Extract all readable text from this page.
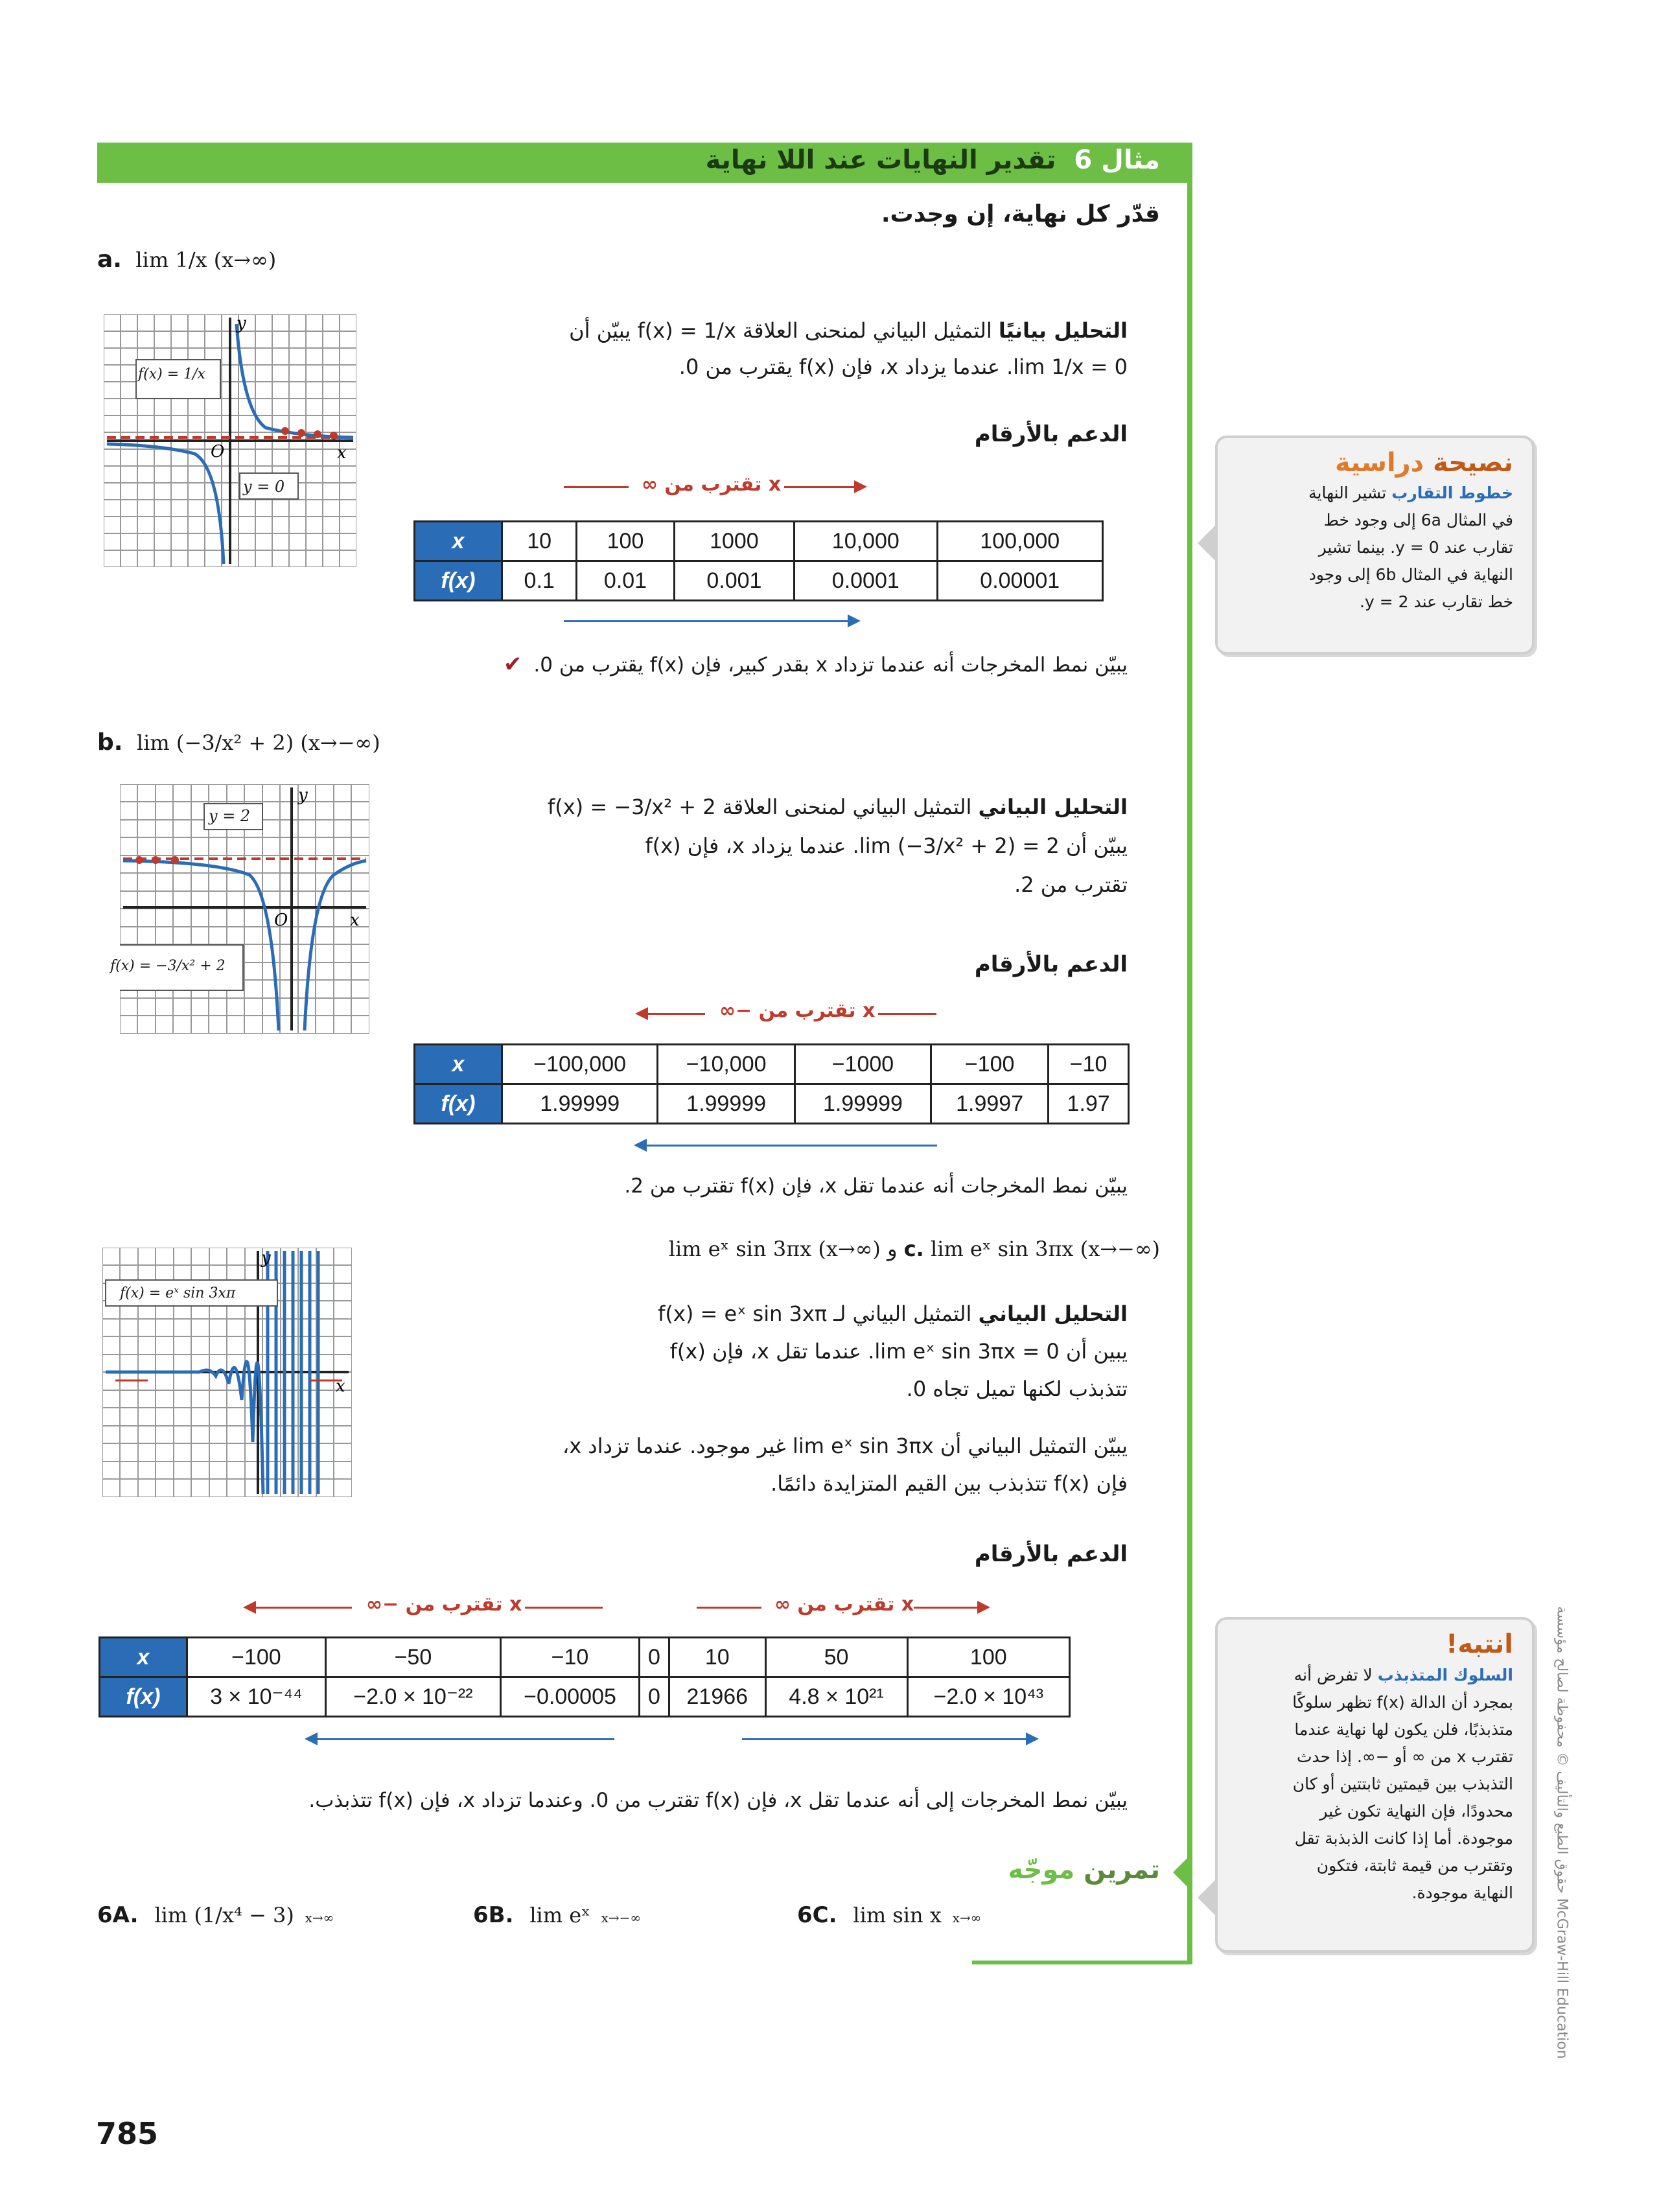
مثال 6 تقدير النهايات عند اللا نهاية
قدّر كل نهاية، إن وجدت.
a. lim 1/x (x→∞)
O	x
y
f(x) = 1/x
y = 0
التحليل بيانيًا التمثيل البياني لمنحنى العلاقة f(x) = 1/x يبيّن أن
lim 1/x = 0. عندما يزداد x، فإن f(x) يقترب من 0.
الدعم بالأرقام
x تقترب من ∞
x	10	100	1000	10,000	100,000
f(x)	0.1	0.01	0.001	0.0001	0.00001
يبيّن نمط المخرجات أنه عندما تزداد x بقدر كبير، فإن f(x) يقترب من 0. ✔
b. lim (−3/x² + 2) (x→−∞)
O	x
y
y = 2
f(x) = −3/x² + 2
التحليل البياني التمثيل البياني لمنحنى العلاقة f(x) = −3/x² + 2
يبيّن أن lim (−3/x² + 2) = 2. عندما يزداد x، فإن f(x)
تقترب من 2.
الدعم بالأرقام
x تقترب من −∞
x	−100,000	−10,000	−1000	−100	−10
f(x)	1.99999	1.99999	1.99999	1.9997	1.97
يبيّن نمط المخرجات أنه عندما تقل x، فإن f(x) تقترب من 2.
c. lim eˣ sin 3πx (x→−∞) و lim eˣ sin 3πx (x→∞)
x
y
f(x) = eˣ sin 3xπ
التحليل البياني التمثيل البياني لـ f(x) = eˣ sin 3xπ
يبين أن lim eˣ sin 3πx = 0. عندما تقل x، فإن f(x)
تتذبذب لكنها تميل تجاه 0.
يبيّن التمثيل البياني أن lim eˣ sin 3πx غير موجود. عندما تزداد x،
فإن f(x) تتذبذب بين القيم المتزايدة دائمًا.
الدعم بالأرقام
x تقترب من −∞	x تقترب من ∞
x	−100	−50	−10	0	10	50	100
f(x)	3 × 10⁻⁴⁴	−2.0 × 10⁻²²	−0.00005	0	21966	4.8 × 10²¹	−2.0 × 10⁴³
يبيّن نمط المخرجات إلى أنه عندما تقل x، فإن f(x) تقترب من 0. وعندما تزداد x، فإن f(x) تتذبذب.
تمرين موجّه
6A. lim (1/x⁴ − 3) x→∞	6B. lim eˣ x→−∞	6C. lim sin x x→∞
نصيحة دراسية
خطوط التقارب تشير النهاية
في المثال 6a إلى وجود خط
تقارب عند y = 0. بينما تشير
النهاية في المثال 6b إلى وجود
خط تقارب عند y = 2.
انتبه!
السلوك المتذبذب لا تفرض أنه
بمجرد أن الدالة f(x) تظهر سلوكًا
متذبذبًا، فلن يكون لها نهاية عندما
تقترب x من ∞ أو −∞. إذا حدث
التذبذب بين قيمتين ثابتتين أو كان
محدودًا، فإن النهاية تكون غير
موجودة. أما إذا كانت الذبذبة تقل
وتقترب من قيمة ثابتة، فتكون
النهاية موجودة.	حقوق الطبع والتأليف © محفوظة لصالح مؤسسة McGraw-Hill Education
785
